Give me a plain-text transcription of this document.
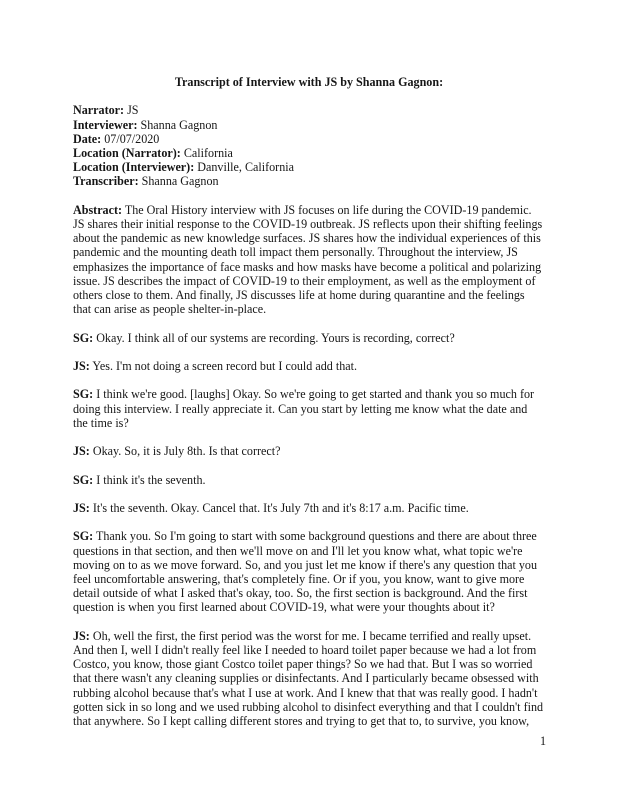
Transcript of Interview with JS by Shanna Gagnon:
Narrator: JS
Interviewer: Shanna Gagnon
Date: 07/07/2020
Location (Narrator): California
Location (Interviewer): Danville, California
Transcriber: Shanna Gagnon

Abstract: The Oral History interview with JS focuses on life during the COVID-19 pandemic. JS shares their initial response to the COVID-19 outbreak. JS reflects upon their shifting feelings about the pandemic as new knowledge surfaces. JS shares how the individual experiences of this pandemic and the mounting death toll impact them personally. Throughout the interview, JS emphasizes the importance of face masks and how masks have become a political and polarizing issue. JS describes the impact of COVID-19 to their employment, as well as the employment of others close to them. And finally, JS discusses life at home during quarantine and the feelings that can arise as people shelter-in-place.

SG: Okay. I think all of our systems are recording. Yours is recording, correct?

JS: Yes. I'm not doing a screen record but I could add that.

SG: I think we're good. [laughs] Okay. So we're going to get started and thank you so much for doing this interview. I really appreciate it. Can you start by letting me know what the date and the time is?

JS: Okay. So, it is July 8th. Is that correct?

SG: I think it's the seventh.

JS: It's the seventh. Okay. Cancel that. It's July 7th and it's 8:17 a.m. Pacific time.

SG: Thank you. So I'm going to start with some background questions and there are about three questions in that section, and then we'll move on and I'll let you know what, what topic we're moving on to as we move forward. So, and you just let me know if there's any question that you feel uncomfortable answering, that's completely fine. Or if you, you know, want to give more detail outside of what I asked that's okay, too. So, the first section is background. And the first question is when you first learned about COVID-19, what were your thoughts about it?

JS: Oh, well the first, the first period was the worst for me. I became terrified and really upset. And then I, well I didn't really feel like I needed to hoard toilet paper because we had a lot from Costco, you know, those giant Costco toilet paper things? So we had that. But I was so worried that there wasn't any cleaning supplies or disinfectants. And I particularly became obsessed with rubbing alcohol because that's what I use at work. And I knew that that was really good. I hadn't gotten sick in so long and we used rubbing alcohol to disinfect everything and that I couldn't find that anywhere. So I kept calling different stores and trying to get that to, to survive, you know,

1
